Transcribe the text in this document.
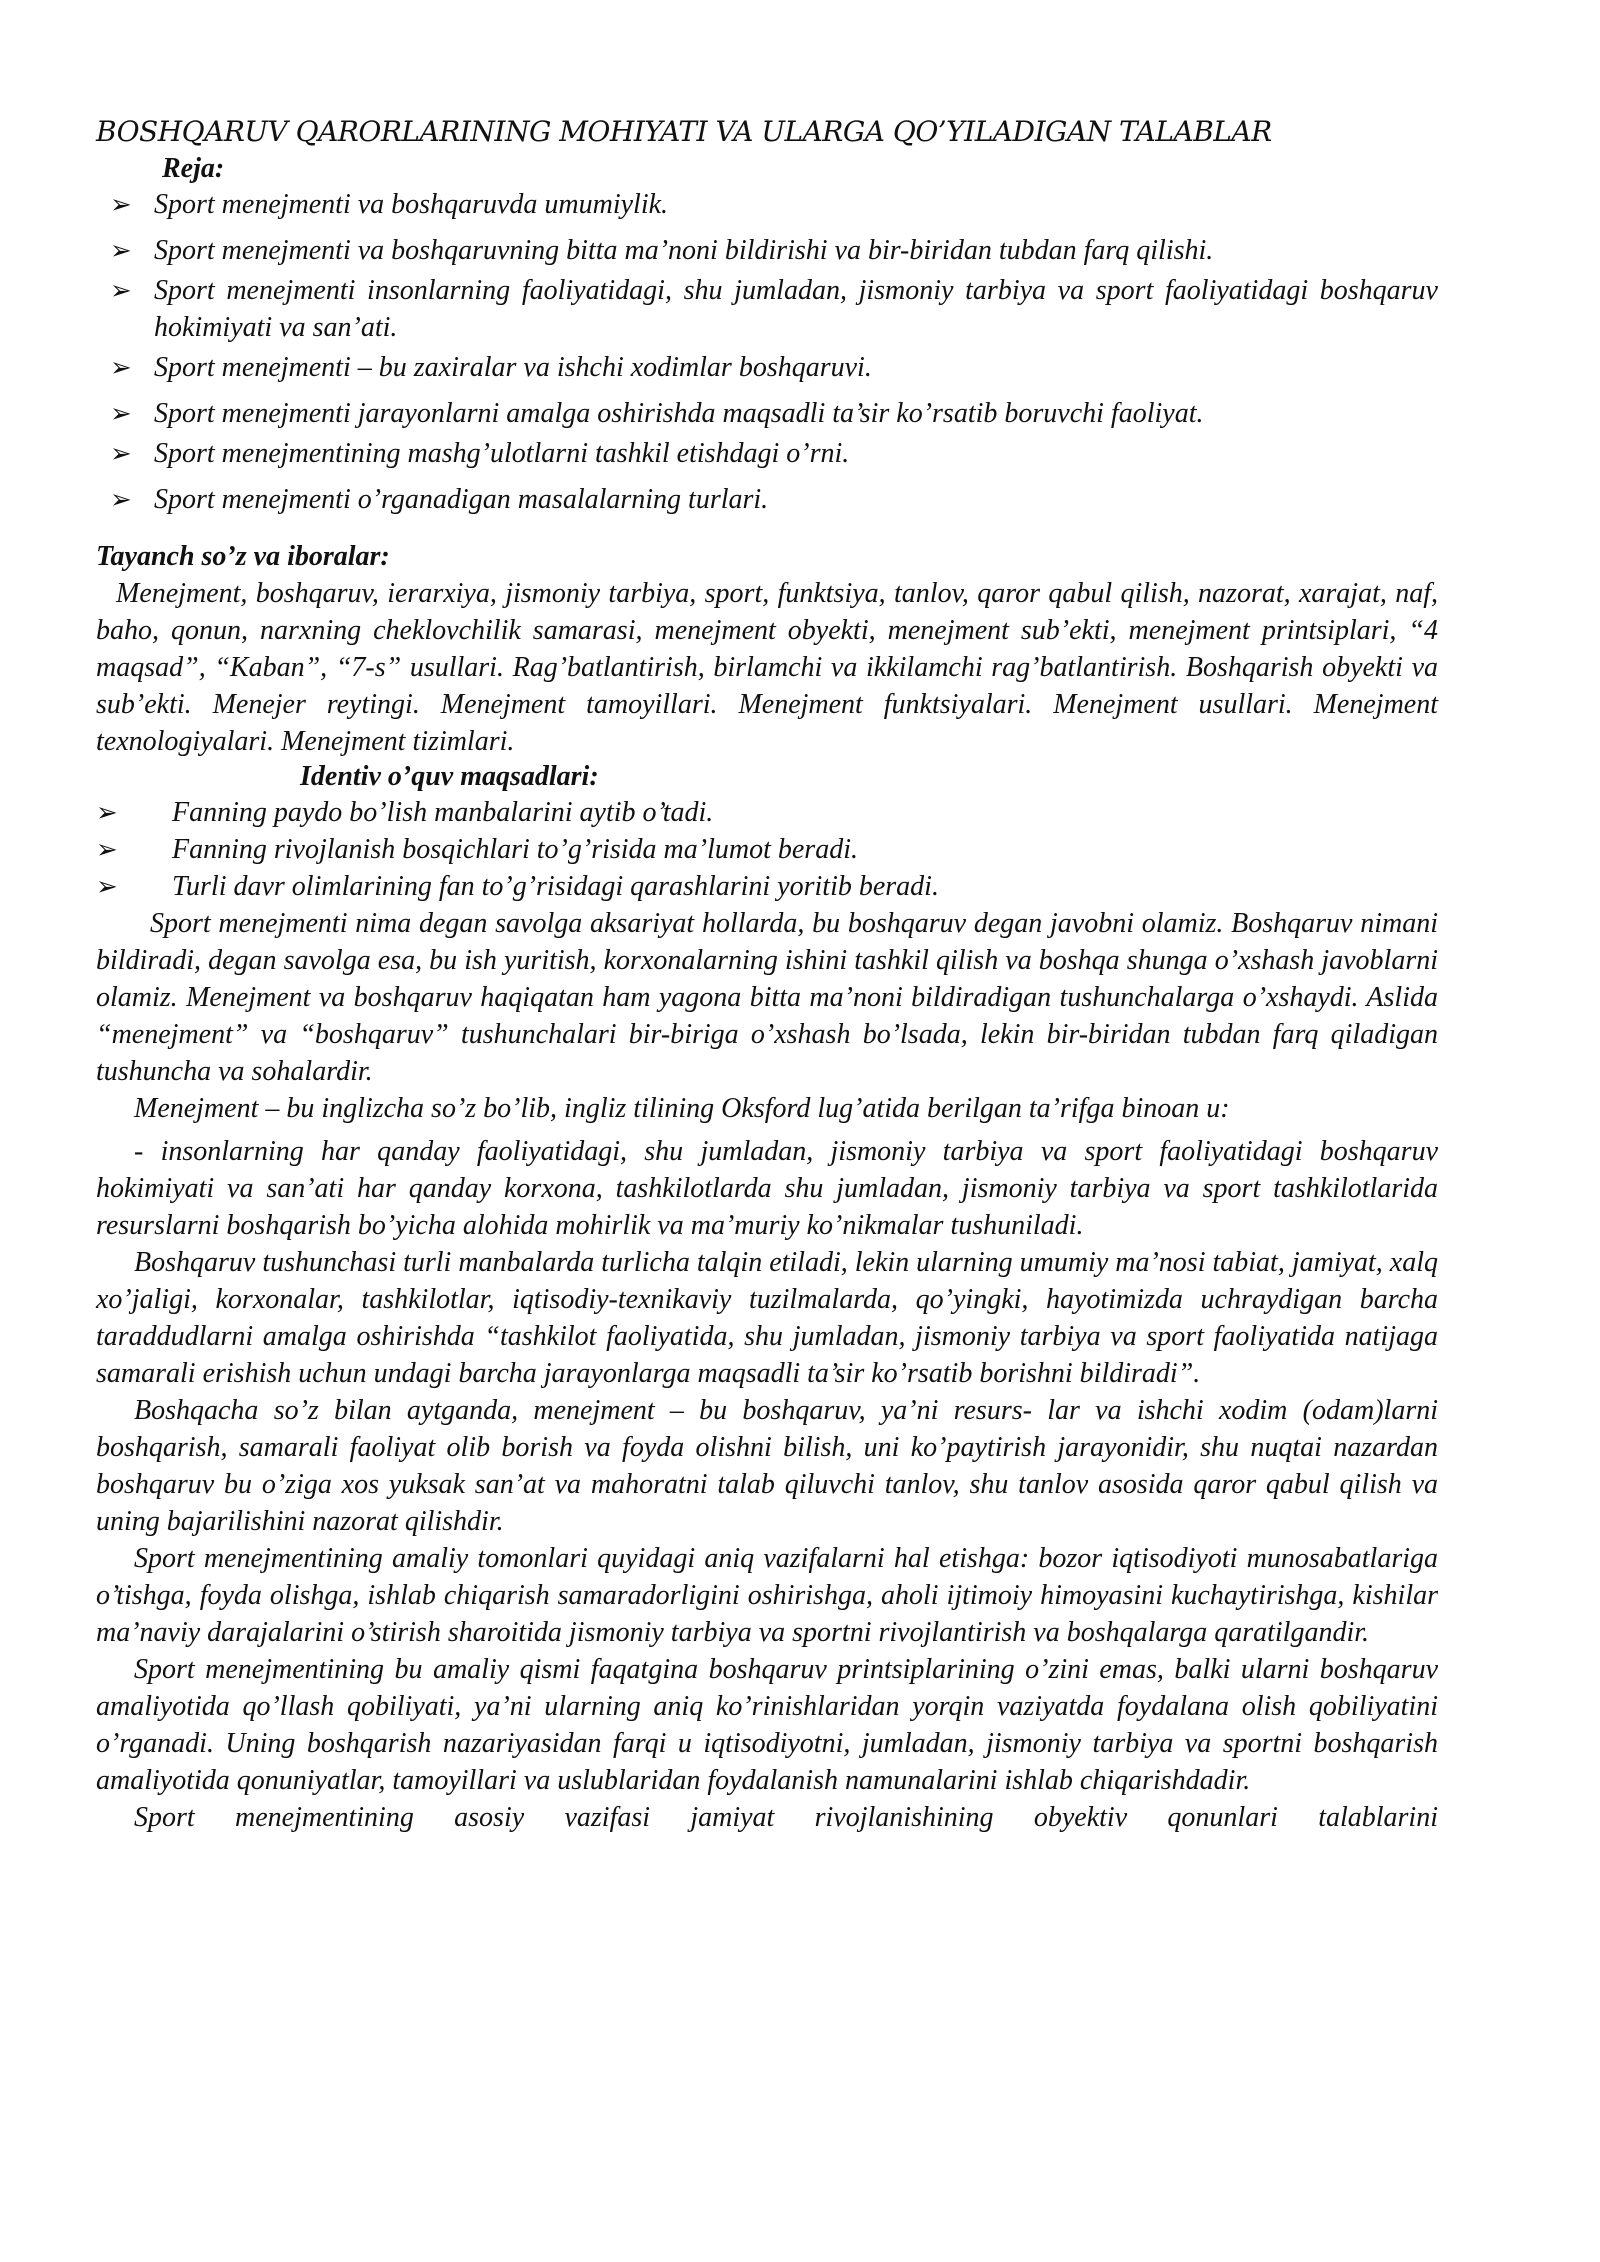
BOSHQARUV QARORLARINING MOHIYATI VA ULARGA QO’YILADIGAN TALABLAR
Reja:
➢ Sport menejmenti va boshqaruvda umumiylik.
➢ Sport menejmenti va boshqaruvning bitta ma’noni bildirishi va bir-biridan tubdan farq qilishi.
➢ Sport menejmenti insonlarning faoliyatidagi, shu jumladan, jismoniy tarbiya va sport faoliyatidagi boshqaruv hokimiyati va san’ati.
➢ Sport menejmenti – bu zaxiralar va ishchi xodimlar boshqaruvi.
➢ Sport menejmenti jarayonlarni amalga oshirishda maqsadli ta’sir ko’rsatib boruvchi faoliyat.
➢ Sport menejmentining mashg’ulotlarni tashkil etishdagi o’rni.
➢ Sport menejmenti o’rganadigan masalalarning turlari.
Tayanch so’z va iboralar:

Menejment, boshqaruv, ierarxiya, jismoniy tarbiya, sport, funktsiya, tanlov, qaror qabul qilish, nazorat, xarajat, naf, baho, qonun, narxning cheklovchilik samarasi, menejment obyekti, menejment sub’ekti, menejment printsiplari, “4 maqsad”, “Kaban”, “7-s” usullari. Rag’batlantirish, birlamchi va ikkilamchi rag’batlantirish. Boshqarish obyekti va sub’ekti. Menejer reytingi. Menejment tamoyillari. Menejment funktsiyalari. Menejment usullari. Menejment texnologiyalari. Menejment tizimlari.

Identiv o’quv maqsadlari:
➢ Fanning paydo bo’lish manbalarini aytib o’tadi.
➢ Fanning rivojlanish bosqichlari to’g’risida ma’lumot beradi.
➢ Turli davr olimlarining fan to’g’risidagi qarashlarini yoritib beradi.

Sport menejmenti nima degan savolga aksariyat hollarda, bu boshqaruv degan javobni olamiz. Boshqaruv nimani bildiradi, degan savolga esa, bu ish yuritish, korxonalarning ishini tashkil qilish va boshqa shunga o’xshash javoblarni olamiz. Menejment va boshqaruv haqiqatan ham yagona bitta ma’noni bildiradigan tushunchalarga o’xshaydi. Aslida “menejment” va “boshqaruv” tushunchalari bir-biriga o’xshash bo’lsada, lekin bir-biridan tubdan farq qiladigan tushuncha va sohalardir.

Menejment – bu inglizcha so’z bo’lib, ingliz tilining Oksford lug’atida berilgan ta’rifga binoan u:

- insonlarning har qanday faoliyatidagi, shu jumladan, jismoniy tarbiya va sport faoliyatidagi boshqaruv hokimiyati va san’ati har qanday korxona, tashkilotlarda shu jumladan, jismoniy tarbiya va sport tashkilotlarida resurslarni boshqarish bo’yicha alohida mohirlik va ma’muriy ko’nikmalar tushuniladi.

Boshqaruv tushunchasi turli manbalarda turlicha talqin etiladi, lekin ularning umumiy ma’nosi tabiat, jamiyat, xalq xo’jaligi, korxonalar, tashkilotlar, iqtisodiy-texnikaviy tuzilmalarda, qo’yingki, hayotimizda uchraydigan barcha taraddudlarni amalga oshirishda “tashkilot faoliyatida, shu jumladan, jismoniy tarbiya va sport faoliyatida natijaga samarali erishish uchun undagi barcha jarayonlarga maqsadli ta’sir ko’rsatib borishni bildiradi”.

Boshqacha so’z bilan aytganda, menejment – bu boshqaruv, ya’ni resurs- lar va ishchi xodim (odam)larni boshqarish, samarali faoliyat olib borish va foyda olishni bilish, uni ko’paytirish jarayonidir, shu nuqtai nazardan boshqaruv bu o’ziga xos yuksak san’at va mahoratni talab qiluvchi tanlov, shu tanlov asosida qaror qabul qilish va uning bajarilishini nazorat qilishdir.

Sport menejmentining amaliy tomonlari quyidagi aniq vazifalarni hal etishga: bozor iqtisodiyoti munosabatlariga o’tishga, foyda olishga, ishlab chiqarish samaradorligini oshirishga, aholi ijtimoiy himoyasini kuchaytirishga, kishilar ma’naviy darajalarini o’stirish sharoitida jismoniy tarbiya va sportni rivojlantirish va boshqalarga qaratilgandir.

Sport menejmentining bu amaliy qismi faqatgina boshqaruv printsiplarining o’zini emas, balki ularni boshqaruv amaliyotida qo’llash qobiliyati, ya’ni ularning aniq ko’rinishlaridan yorqin vaziyatda foydalana olish qobiliyatini o’rganadi. Uning boshqarish nazariyasidan farqi u iqtisodiyotni, jumladan, jismoniy tarbiya va sportni boshqarish amaliyotida qonuniyatlar, tamoyillari va uslublaridan foydalanish namunalarini ishlab chiqarishdadir.

Sport menejmentining asosiy vazifasi jamiyat rivojlanishining obyektiv qonunlari talablarini
